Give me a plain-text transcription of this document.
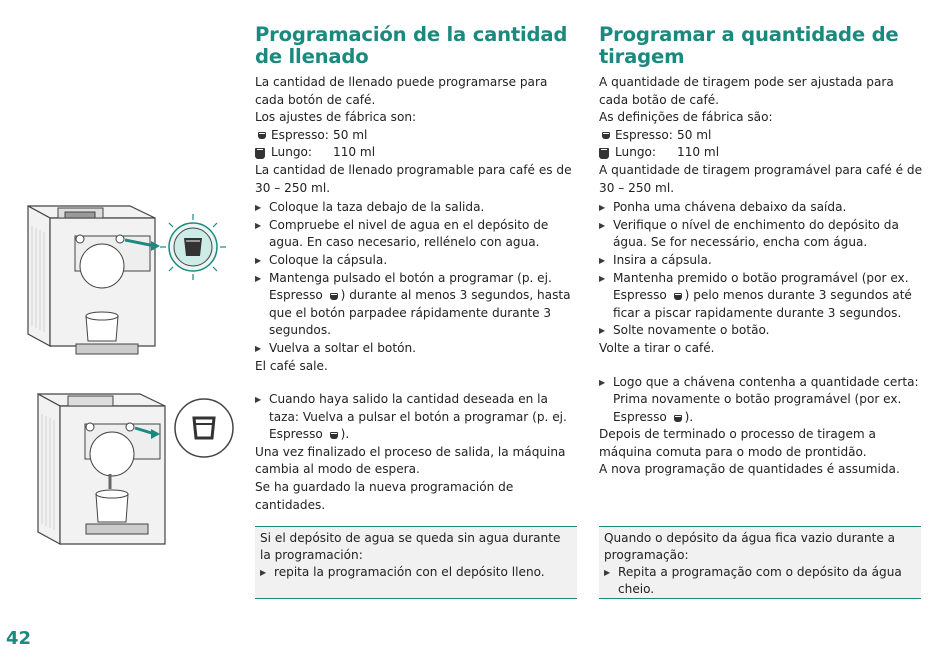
Programación de la cantidad de llenado

La cantidad de llenado puede programarse para cada botón de café.

Los ajustes de fábrica son:

Espresso: 50 ml
Lungo:	110 ml

La cantidad de llenado programable para café es de 30 – 250 ml.

▶ Coloque la taza debajo de la salida.
▶ Compruebe el nivel de agua en el depósito de agua. En caso necesario, rellénelo con agua.
▶ Coloque la cápsula.
▶ Mantenga pulsado el botón a programar (p. ej. Espresso ) durante al menos 3 segundos, hasta que el botón parpadee rápidamente durante 3 segundos.
▶ Vuelva a soltar el botón.

El café sale.

▶ Cuando haya salido la cantidad deseada en la taza: Vuelva a pulsar el botón a programar (p. ej. Espresso ).

Una vez finalizado el proceso de salida, la máquina cambia al modo de espera.

Se ha guardado la nueva programación de cantidades.

Programar a quantidade de tiragem

A quantidade de tiragem pode ser ajustada para cada botão de café.

As definições de fábrica são:

Espresso: 50 ml
Lungo:	110 ml

A quantidade de tiragem programável para café é de 30 – 250 ml.

▶ Ponha uma chávena debaixo da saída.
▶ Verifique o nível de enchimento do depósito da água. Se for necessário, encha com água.
▶ Insira a cápsula.
▶ Mantenha premido o botão programável (por ex. Espresso ) pelo menos durante 3 segundos até ficar a piscar rapidamente durante 3 segundos.
▶ Solte novamente o botão.

Volte a tirar o café.

▶ Logo que a chávena contenha a quantidade certa: Prima novamente o botão programável (por ex. Espresso ).

Depois de terminado o processo de tiragem a máquina comuta para o modo de prontidão.

A nova programação de quantidades é assumida.

Si el depósito de agua se queda sin agua durante la programación:

▶ repita la programación con el depósito lleno.

Quando o depósito da água fica vazio durante a programação:

▶ Repita a programação com o depósito da água cheio.
42
